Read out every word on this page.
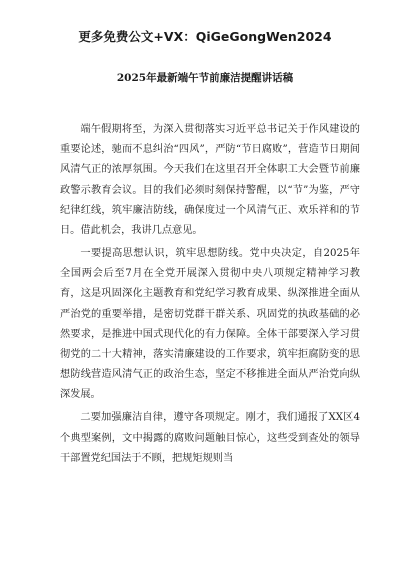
更多免费公文+VX：QiGeGongWen2024
2025年最新端午节前廉洁提醒讲话稿

端午假期将至，为深入贯彻落实习近平总书记关于作风建设的重要论述，驰而不息纠治“四风”，严防“节日腐败”，营造节日期间风清气正的浓厚氛围。今天我们在这里召开全体职工大会暨节前廉政警示教育会议。目的我们必须时刻保持警醒，以“节”为鉴，严守纪律红线，筑牢廉洁防线，确保度过一个风清气正、欢乐祥和的节日。借此机会，我讲几点意见。

一要提高思想认识，筑牢思想防线。党中央决定，自2025年全国两会后至7月在全党开展深入贯彻中央八项规定精神学习教育，这是巩固深化主题教育和党纪学习教育成果、纵深推进全面从严治党的重要举措，是密切党群干群关系、巩固党的执政基础的必然要求，是推进中国式现代化的有力保障。全体干部要深入学习贯彻党的二十大精神，落实清廉建设的工作要求，筑牢拒腐防变的思想防线营造风清气正的政治生态，坚定不移推进全面从严治党向纵深发展。

二要加强廉洁自律，遵守各项规定。刚才，我们通报了XX区4个典型案例，文中揭露的腐败问题触目惊心，这些受到查处的领导干部置党纪国法于不顾，把规矩规则当
